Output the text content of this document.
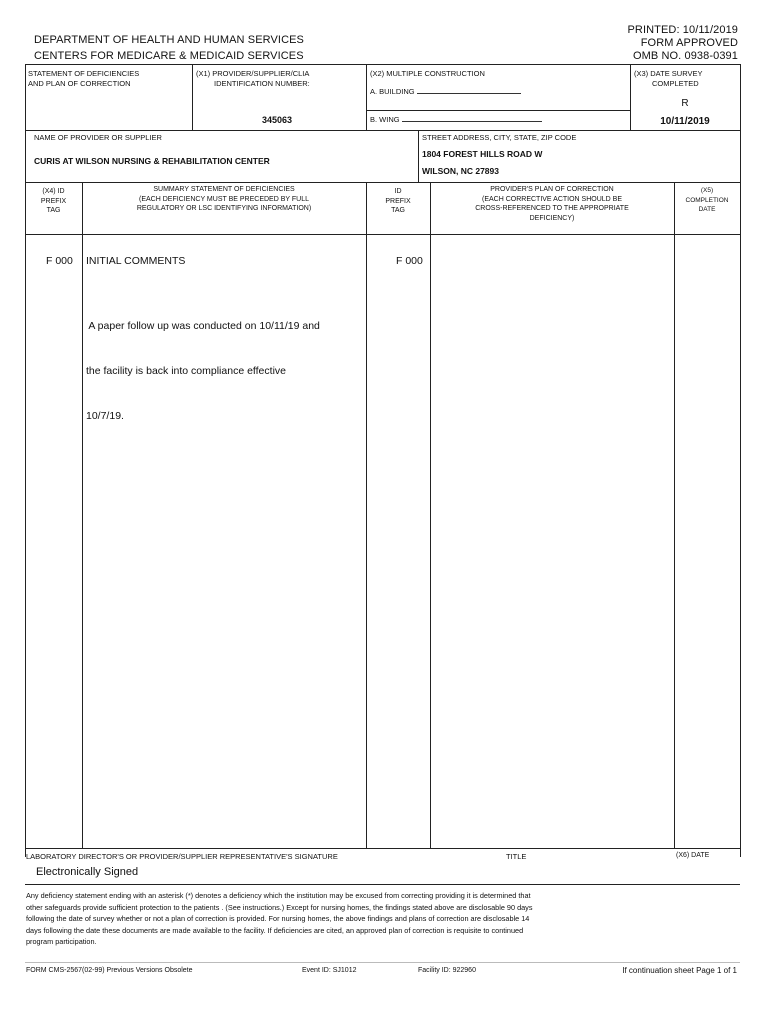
PRINTED: 10/11/2019
FORM APPROVED
OMB NO. 0938-0391
DEPARTMENT OF HEALTH AND HUMAN SERVICES
CENTERS FOR MEDICARE & MEDICAID SERVICES
STATEMENT OF DEFICIENCIES
AND PLAN OF CORRECTION
(X1) PROVIDER/SUPPLIER/CLIA
IDENTIFICATION NUMBER:
345063
(X2) MULTIPLE CONSTRUCTION
A. BUILDING
B. WING
(X3) DATE SURVEY
COMPLETED
R
10/11/2019
NAME OF PROVIDER OR SUPPLIER
CURIS AT WILSON NURSING & REHABILITATION CENTER
STREET ADDRESS, CITY, STATE, ZIP CODE
1804 FOREST HILLS ROAD W
WILSON, NC 27893
(X4) ID
PREFIX
TAG
SUMMARY STATEMENT OF DEFICIENCIES
(EACH DEFICIENCY MUST BE PRECEDED BY FULL
REGULATORY OR LSC IDENTIFYING INFORMATION)
ID
PREFIX
TAG
PROVIDER'S PLAN OF CORRECTION
(EACH CORRECTIVE ACTION SHOULD BE
CROSS-REFERENCED TO THE APPROPRIATE
DEFICIENCY)
(X5)
COMPLETION
DATE
F 000 INITIAL COMMENTS	F 000

A paper follow up was conducted on 10/11/19 and

the facility is back into compliance effective

10/7/19.

LABORATORY DIRECTOR'S OR PROVIDER/SUPPLIER REPRESENTATIVE'S SIGNATURE	TITLE	(X6) DATE
Electronically Signed
Any deficiency statement ending with an asterisk (*) denotes a deficiency which the institution may be excused from correcting providing it is determined that
other safeguards provide sufficient protection to the patients . (See instructions.) Except for nursing homes, the findings stated above are disclosable 90 days
following the date of survey whether or not a plan of correction is provided. For nursing homes, the above findings and plans of correction are disclosable 14
days following the date these documents are made available to the facility. If deficiencies are cited, an approved plan of correction is requisite to continued
program participation.
FORM CMS-2567(02-99) Previous Versions Obsolete	Event ID: SJ1012	Facility ID: 922960	If continuation sheet Page 1 of 1
